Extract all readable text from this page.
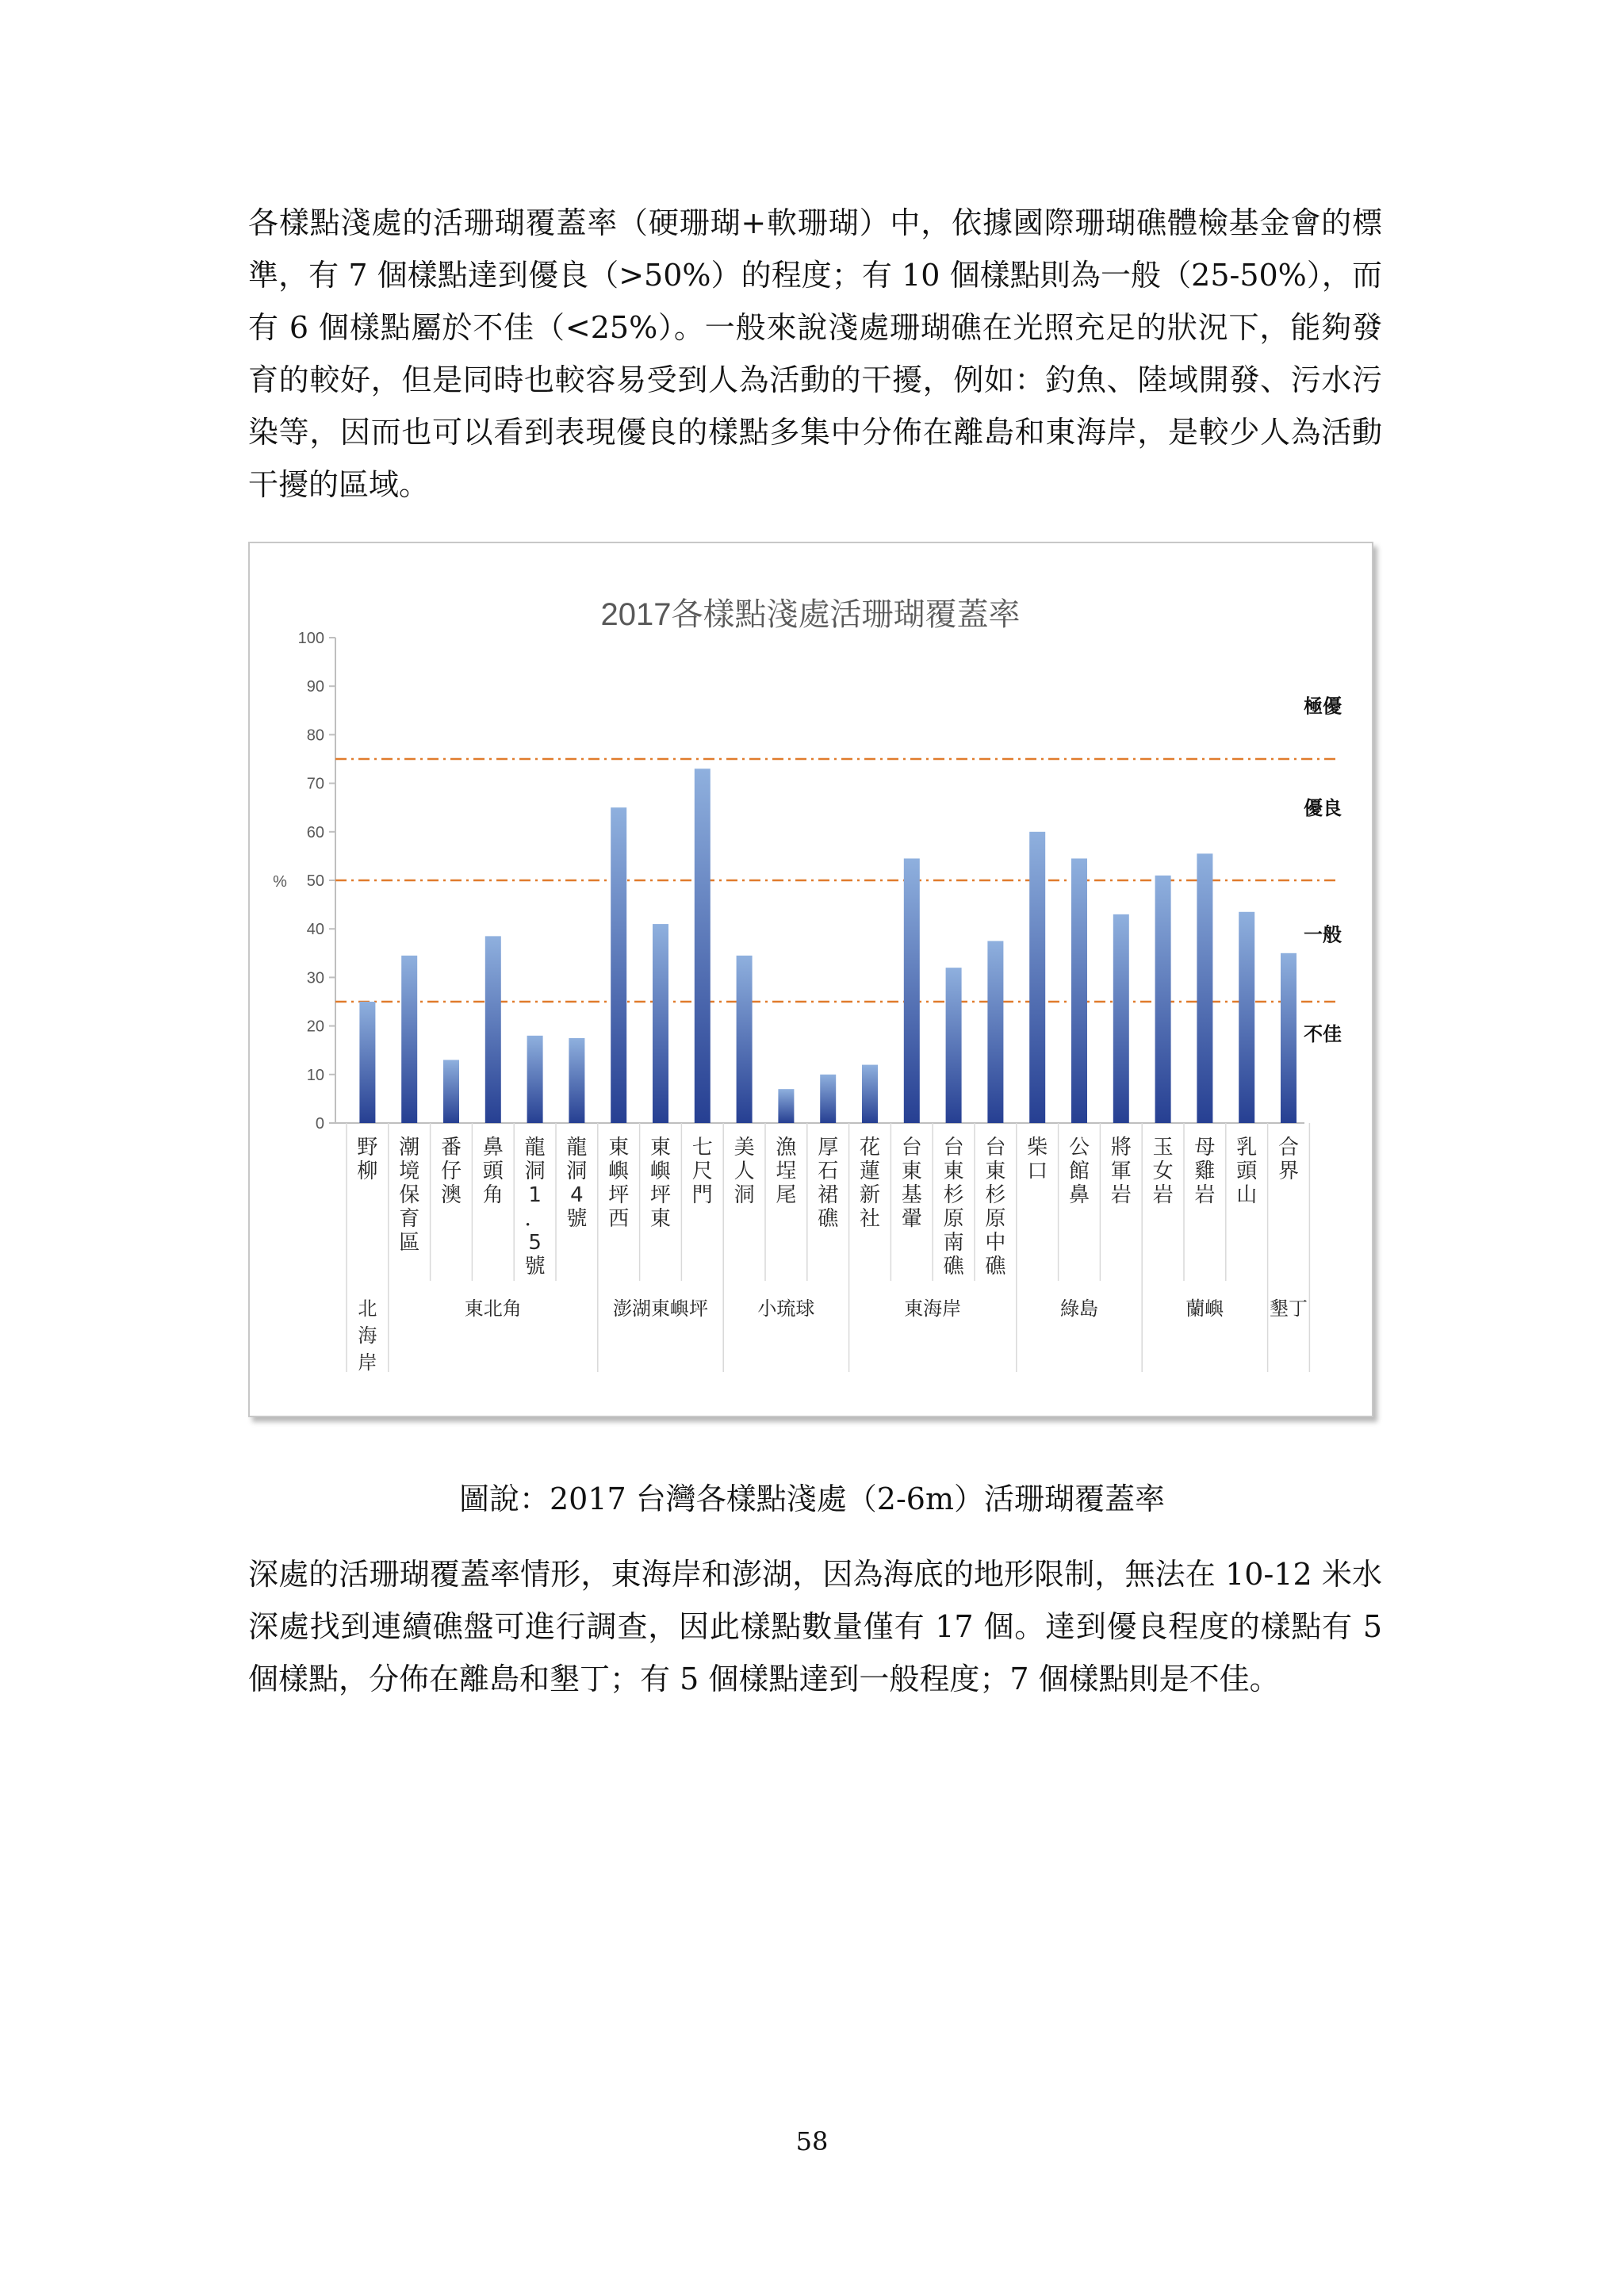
各樣點淺處的活珊瑚覆蓋率（硬珊瑚+軟珊瑚）中，依據國際珊瑚礁體檢基金會的標準，有 7 個樣點達到優良（>50%）的程度；有 10 個樣點則為一般（25-50%），而有 6 個樣點屬於不佳（<25%）。一般來說淺處珊瑚礁在光照充足的狀況下，能夠發育的較好，但是同時也較容易受到人為活動的干擾，例如：釣魚、陸域開發、污水污染等，因而也可以看到表現優良的樣點多集中分佈在離島和東海岸，是較少人為活動干擾的區域。

2017各樣點淺處活珊瑚覆蓋率
0
10
20
30
40
50
60
70
80
90
100
%
野
柳
潮
境
保
育
區
番
仔
澳
鼻
頭
角
龍
洞
1
．
5
號
龍
洞
4
號
東
嶼
坪
西
東
嶼
坪
東
七
尺
門
美
人
洞
漁
埕
尾
厚
石
裙
礁
花
蓮
新
社
台
東
基
翬
台
東
杉
原
南
礁
台
東
杉
原
中
礁
柴
口
公
館
鼻
將
軍
岩
玉
女
岩
母
雞
岩
乳
頭
山
合
界
北
海
岸
東北角	澎湖東嶼坪	小琉球	東海岸	綠島	蘭嶼 墾丁
極優
優良
一般
不佳
圖說：2017 台灣各樣點淺處（2-6m）活珊瑚覆蓋率

深處的活珊瑚覆蓋率情形，東海岸和澎湖，因為海底的地形限制，無法在 10-12 米水深處找到連續礁盤可進行調查，因此樣點數量僅有 17 個。達到優良程度的樣點有 5 個樣點，分佈在離島和墾丁；有 5 個樣點達到一般程度；7 個樣點則是不佳。

58
